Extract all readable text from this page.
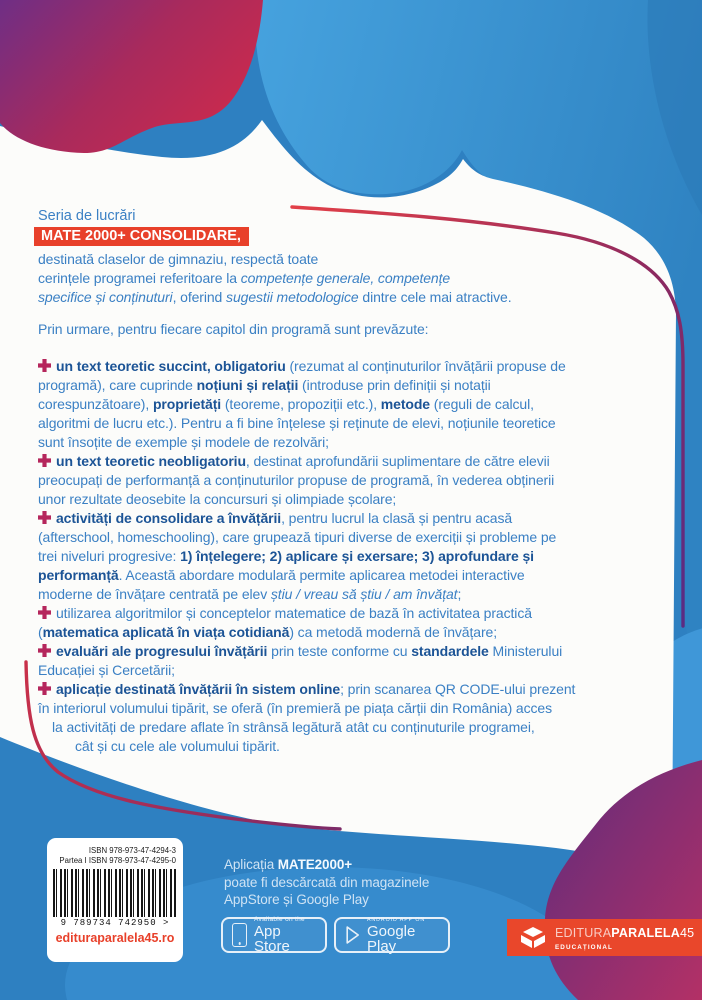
Seria de lucrări
MATE 2000+ CONSOLIDARE,
destinată claselor de gimnaziu, respectă toate
cerințele programei referitoare la competențe generale, competențe
specifice și conținuturi, oferind sugestii metodologice dintre cele mai atractive.
Prin urmare, pentru fiecare capitol din programă sunt prevăzute:
un text teoretic succint, obligatoriu (rezumat al conținuturilor învățării propuse de
programă), care cuprinde noțiuni și relații (introduse prin definiții și notații
corespunzătoare), proprietăți (teoreme, propoziții etc.), metode (reguli de calcul,
algoritmi de lucru etc.). Pentru a fi bine înțelese și reținute de elevi, noțiunile teoretice
sunt însoțite de exemple și modele de rezolvări;
un text teoretic neobligatoriu, destinat aprofundării suplimentare de către elevii
preocupați de performanță a conținuturilor propuse de programă, în vederea obținerii
unor rezultate deosebite la concursuri și olimpiade școlare;
activități de consolidare a învățării, pentru lucrul la clasă și pentru acasă
(afterschool, homeschooling), care grupează tipuri diverse de exerciții și probleme pe
trei niveluri progresive: 1) înțelegere; 2) aplicare și exersare; 3) aprofundare și
performanță. Această abordare modulară permite aplicarea metodei interactive
moderne de învățare centrată pe elev știu / vreau să știu / am învățat;
utilizarea algoritmilor și conceptelor matematice de bază în activitatea practică
(matematica aplicată în viața cotidiană) ca metodă modernă de învățare;
evaluări ale progresului învățării prin teste conforme cu standardele Ministerului
Educației și Cercetării;
aplicație destinată învățării în sistem online; prin scanarea QR CODE-ului prezent
în interiorul volumului tipărit, se oferă (în premieră pe piața cărții din România) acces
la activități de predare aflate în strânsă legătură atât cu conținuturile programei,
cât și cu cele ale volumului tipărit.
ISBN 978-973-47-4294-3
Partea I ISBN 978-973-47-4295-0
9 789734 742950 >
edituraparalela45.ro
Aplicația MATE2000+
poate fi descărcată din magazinele
AppStore și Google Play
Available on the
App Store
ANDROID APP ON
Google Play
EDITURAPARALELA45
EDUCAȚIONAL
